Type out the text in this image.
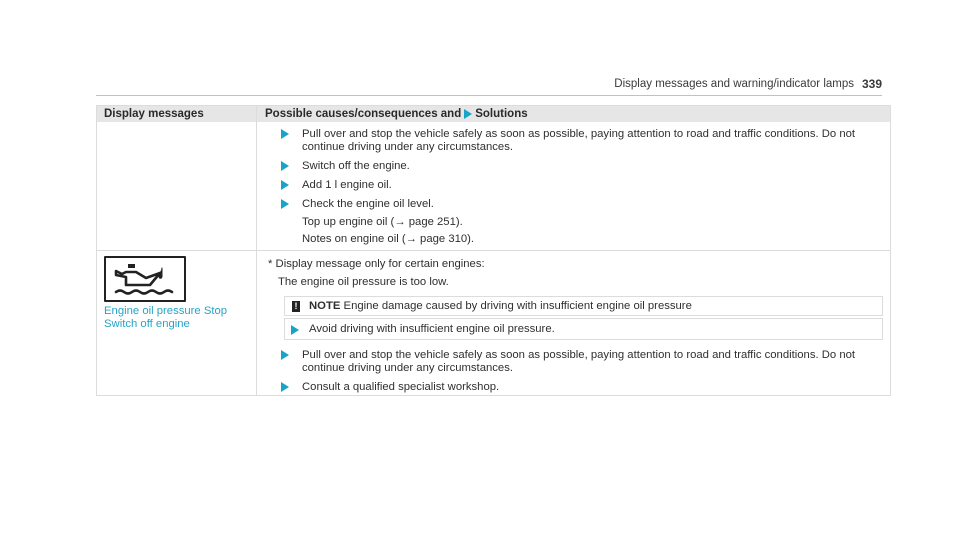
Display messages and warning/indicator lamps 339
Display messages	Possible causes/consequences and Solutions
Pull over and stop the vehicle safely as soon as possible, paying attention to road and traffic conditions. Do not continue driving under any circumstances.
Switch off the engine.
Add 1 l engine oil.
Check the engine oil level.
Top up engine oil (→ page 251).
Notes on engine oil (→ page 310).
Engine oil pressure Stop
Switch off engine
* Display message only for certain engines:
The engine oil pressure is too low.
! NOTE Engine damage caused by driving with insufficient engine oil pressure
Avoid driving with insufficient engine oil pressure.
Pull over and stop the vehicle safely as soon as possible, paying attention to road and traffic conditions. Do not continue driving under any circumstances.
Consult a qualified specialist workshop.
